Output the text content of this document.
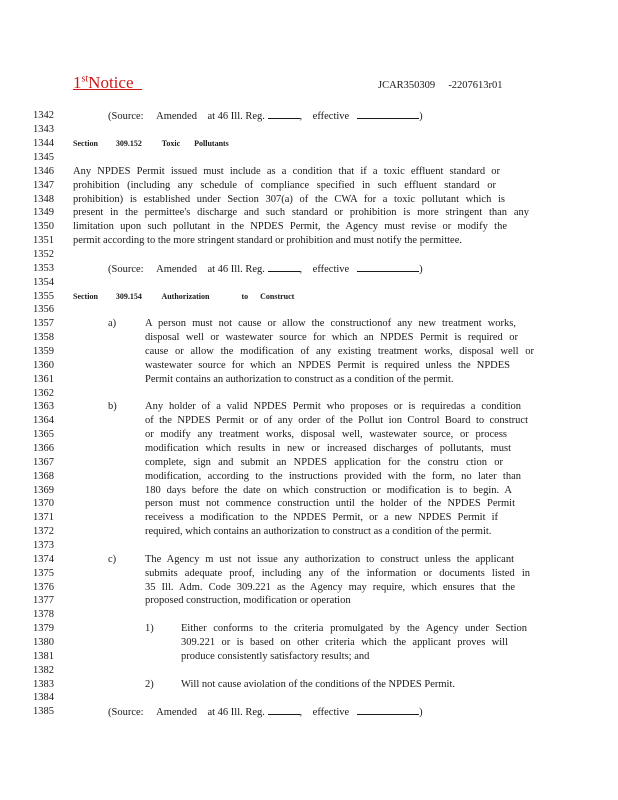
1stNotice	JCAR350309 -2207613r01
1342
1343
1344
1345
1346
1347
1348
1349
1350
1351
1352
1353
1354
1355
1356
1357
1358
1359
1360
1361
1362
1363
1364
1365
1366
1367
1368
1369
1370
1371
1372
1373
1374
1375
1376
1377
1378
1379
1380
1381
1382
1383
1384
1385
(Source: Amended at 46 Ill. Reg.	,    effective	)
Section 309.152 Toxic Pollutants
Any NPDES Permit issued must include as a condition that if a toxic effluent standard or
prohibition (including any schedule of compliance specified in such effluent standard or
prohibition) is established under Section 307(a) of the CWA for a toxic pollutant which is
present in the permittee's discharge and such standard or prohibition is more stringent than any
limitation upon such pollutant in the NPDES Permit, the Agency must revise or modify the
permit according to the more stringent standard or prohibition and must notify the permittee.
(Source: Amended at 46 Ill. Reg.	,    effective	)
Section 309.154 Authorization	to Construct
a)	A person must not cause or allow the constructionof any new treatment works,
disposal well or wastewater source for which an NPDES Permit is required or
cause or allow the modification of any existing treatment works, disposal well or
wastewater source for which an NPDES Permit is required unless the NPDES
Permit contains an authorization to construct as a condition of the permit.
b)	Any holder of a valid NPDES Permit who proposes or is requiredas a condition
of the NPDES Permit or of any order of the Pollut ion Control Board to construct
or modify any treatment works, disposal well, wastewater source, or process
modification which results in new or increased discharges of pollutants, must
complete, sign and submit an NPDES application for the constru ction or
modification, according to the instructions provided with the form, no later than
180 days before the date on which construction or modification is to begin. A
person must not commence construction until the holder of the NPDES Permit
receivess a modification to the NPDES Permit, or a new NPDES Permit if
required, which contains an authorization to construct as a condition of the permit.
c)	The Agency m ust not issue any authorization to construct unless the applicant
submits adequate proof, including any of the information or documents listed in
35 Ill. Adm. Code 309.221 as the Agency may require, which ensures that the
proposed construction, modification or operation
1)	Either conforms to the criteria promulgated by the Agency under Section
309.221 or is based on other criteria which the applicant proves will
produce consistently satisfactory results; and
2)	Will not cause aviolation of the conditions of the NPDES Permit.
(Source: Amended at 46 Ill. Reg.	,    effective	)
